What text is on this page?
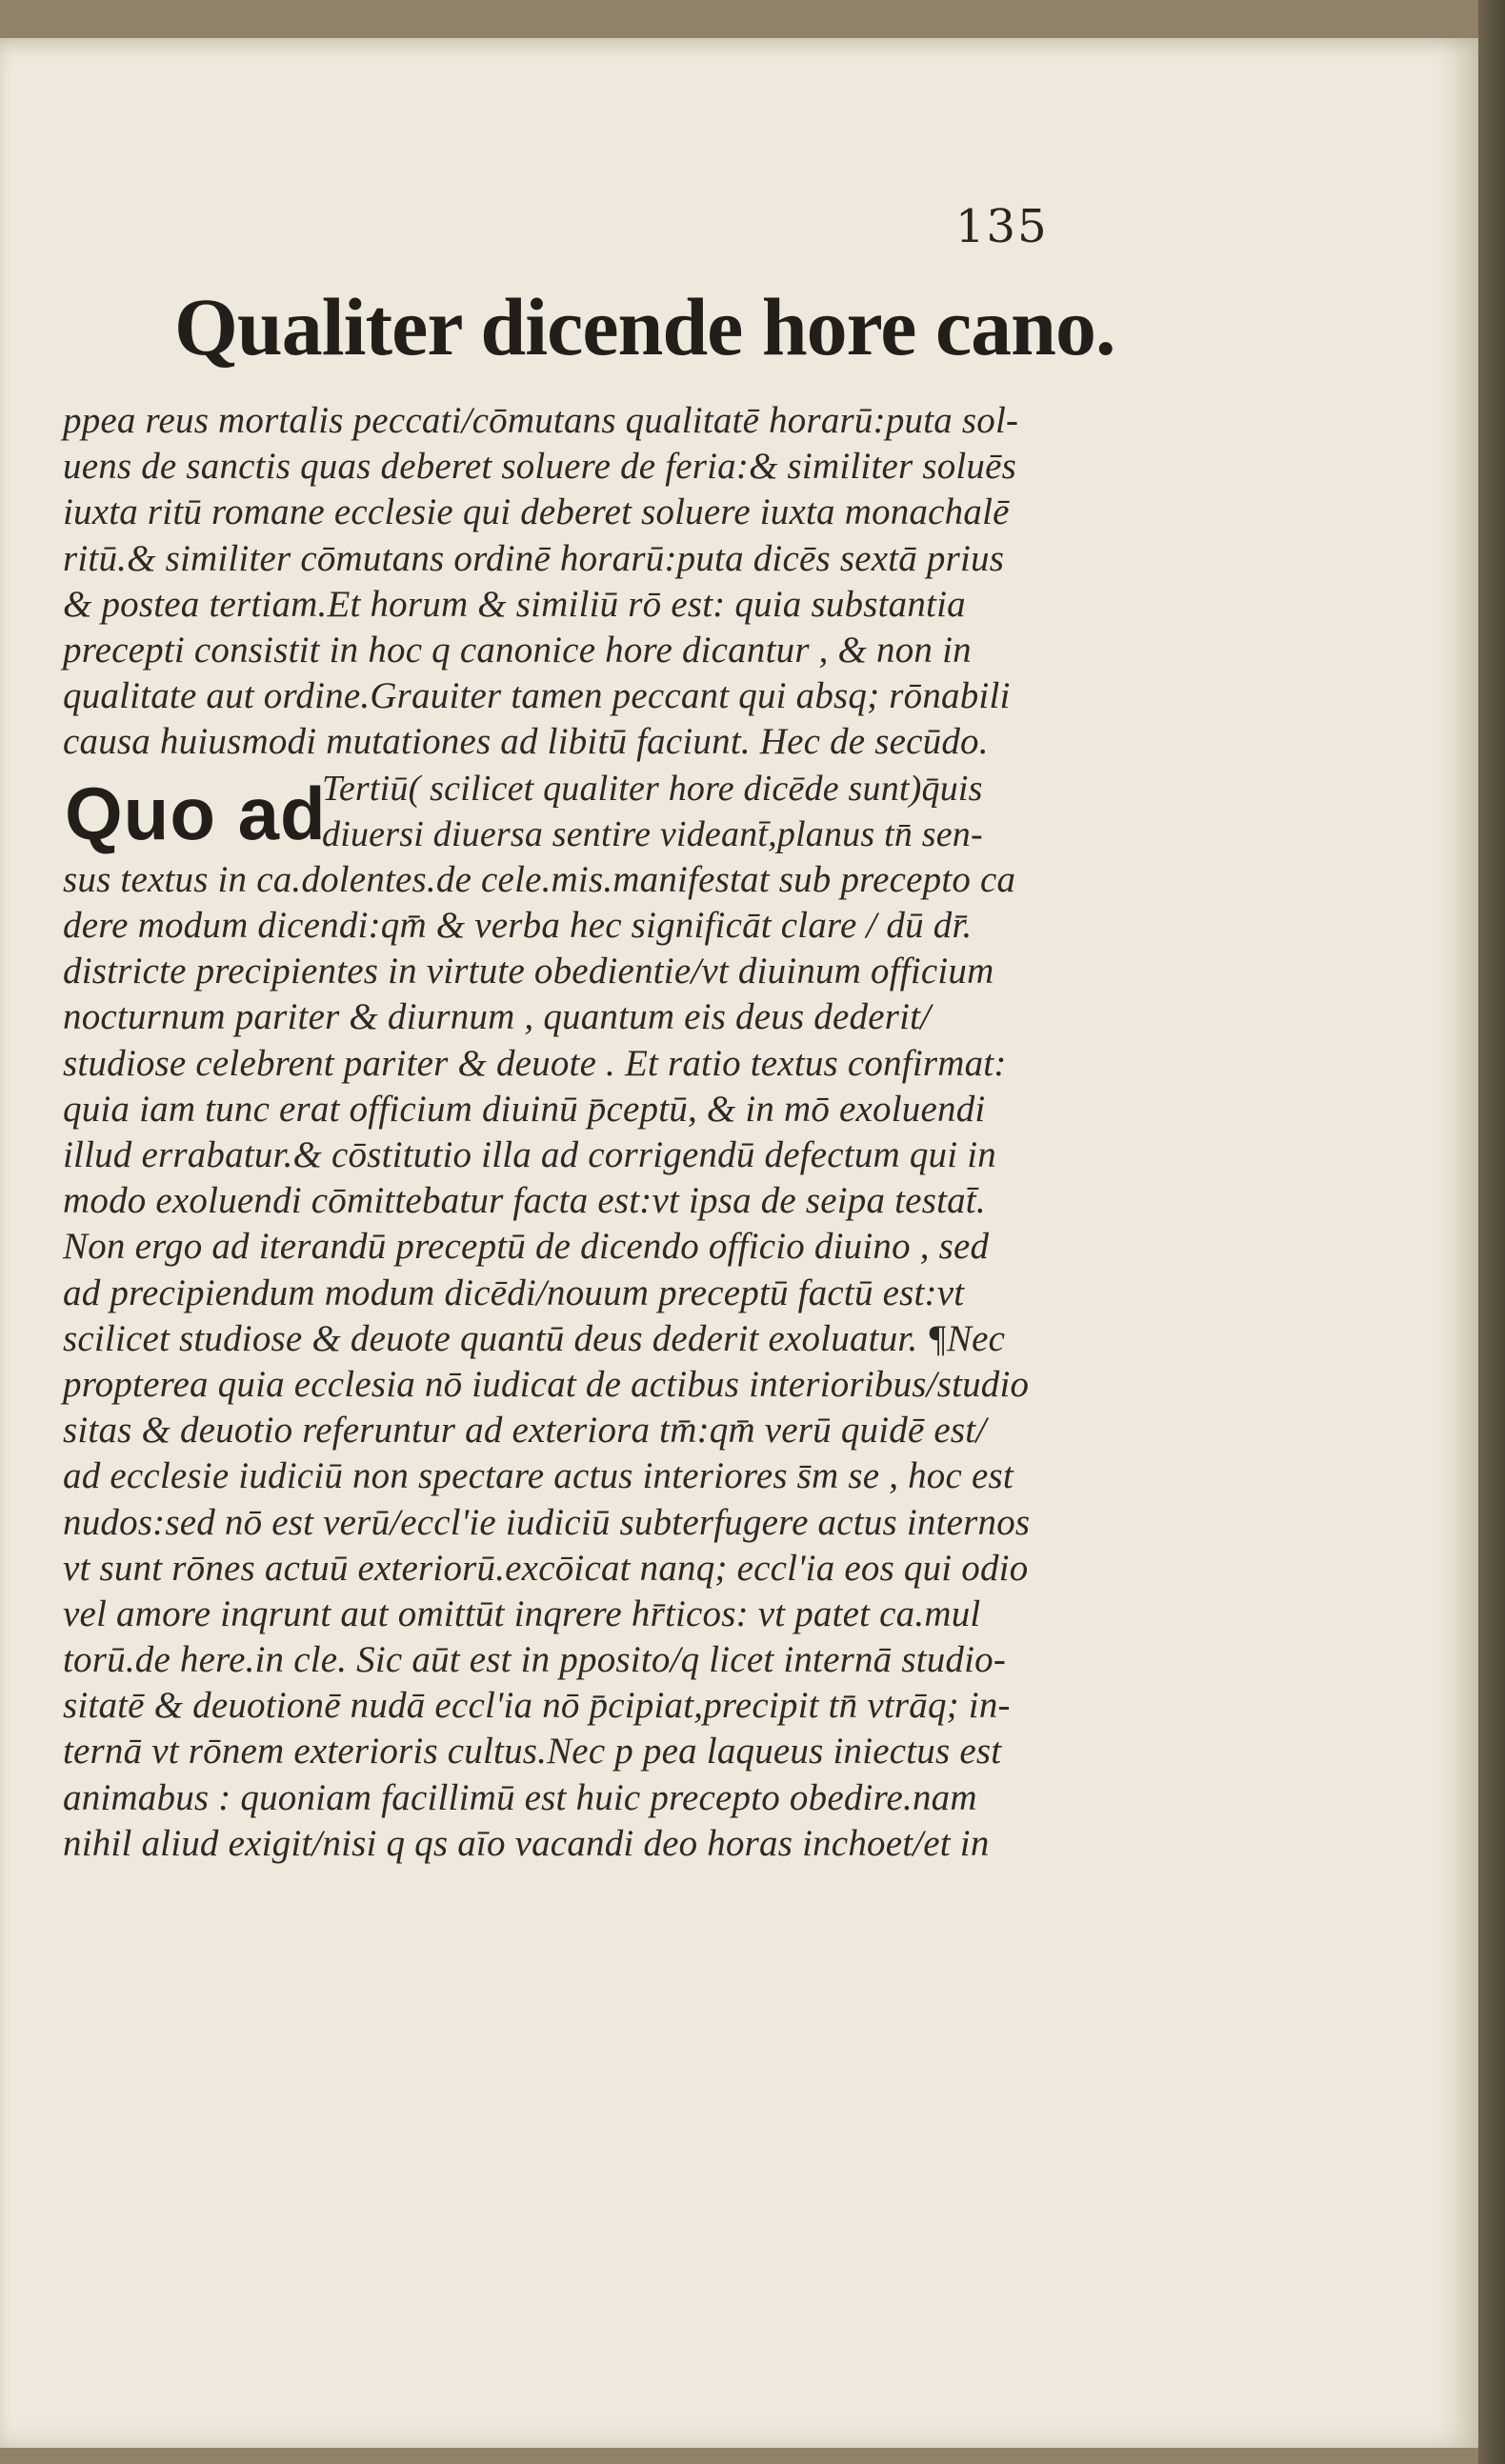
135
Qualiter dicende hore cano.
ppea reus mortalis peccati/cōmutans qualitatē horarū:puta sol-
uens de sanctis quas deberet soluere de feria:& similiter soluēs
iuxta ritū romane ecclesie qui deberet soluere iuxta monachalē
ritū.& similiter cōmutans ordinē horarū:puta dicēs sextā prius
& postea tertiam.Et horum & similiū rō est: quia substantia
precepti consistit in hoc q canonice hore dicantur , & non in
qualitate aut ordine.Grauiter tamen peccant qui absq; rōnabili
causa huiusmodi mutationes ad libitū faciunt. Hec de secūdo.
Quo ad
Tertiū( scilicet qualiter hore dicēde sunt)q̄uis
diuersi diuersa sentire videant̄,planus tn̄ sen-
sus textus in ca.dolentes.de cele.mis.manifestat sub precepto ca
dere modum dicendi:qm̄ & verba hec significāt clare / dū dr̄.
districte precipientes in virtute obedientie/vt diuinum officium
nocturnum pariter & diurnum , quantum eis deus dederit/
studiose celebrent pariter & deuote . Et ratio textus confirmat:
quia iam tunc erat officium diuinū p̄ceptū, & in mō exoluendi
illud errabatur.& cōstitutio illa ad corrigendū defectum qui in
modo exoluendi cōmittebatur facta est:vt ipsa de seipa testat̄.
Non ergo ad iterandū preceptū de dicendo officio diuino , sed
ad precipiendum modum dicēdi/nouum preceptū factū est:vt
scilicet studiose & deuote quantū deus dederit exoluatur. ¶Nec
propterea quia ecclesia nō iudicat de actibus interioribus/studio
sitas & deuotio referuntur ad exteriora tm̄:qm̄ verū quidē est/
ad ecclesie iudiciū non spectare actus interiores s̄m se , hoc est
nudos:sed nō est verū/eccl'ie iudiciū subterfugere actus internos
vt sunt rōnes actuū exteriorū.excōicat nanq; eccl'ia eos qui odio
vel amore inqrunt aut omittūt inqrere hr̄ticos: vt patet ca.mul
torū.de here.in cle. Sic aūt est in pposito/q licet internā studio-
sitatē & deuotionē nudā eccl'ia nō p̄cipiat,precipit tn̄ vtrāq; in-
ternā vt rōnem exterioris cultus.Nec p pea laqueus iniectus est
animabus : quoniam facillimū est huic precepto obedire.nam
nihil aliud exigit/nisi q qs aīo vacandi deo horas inchoet/et in
